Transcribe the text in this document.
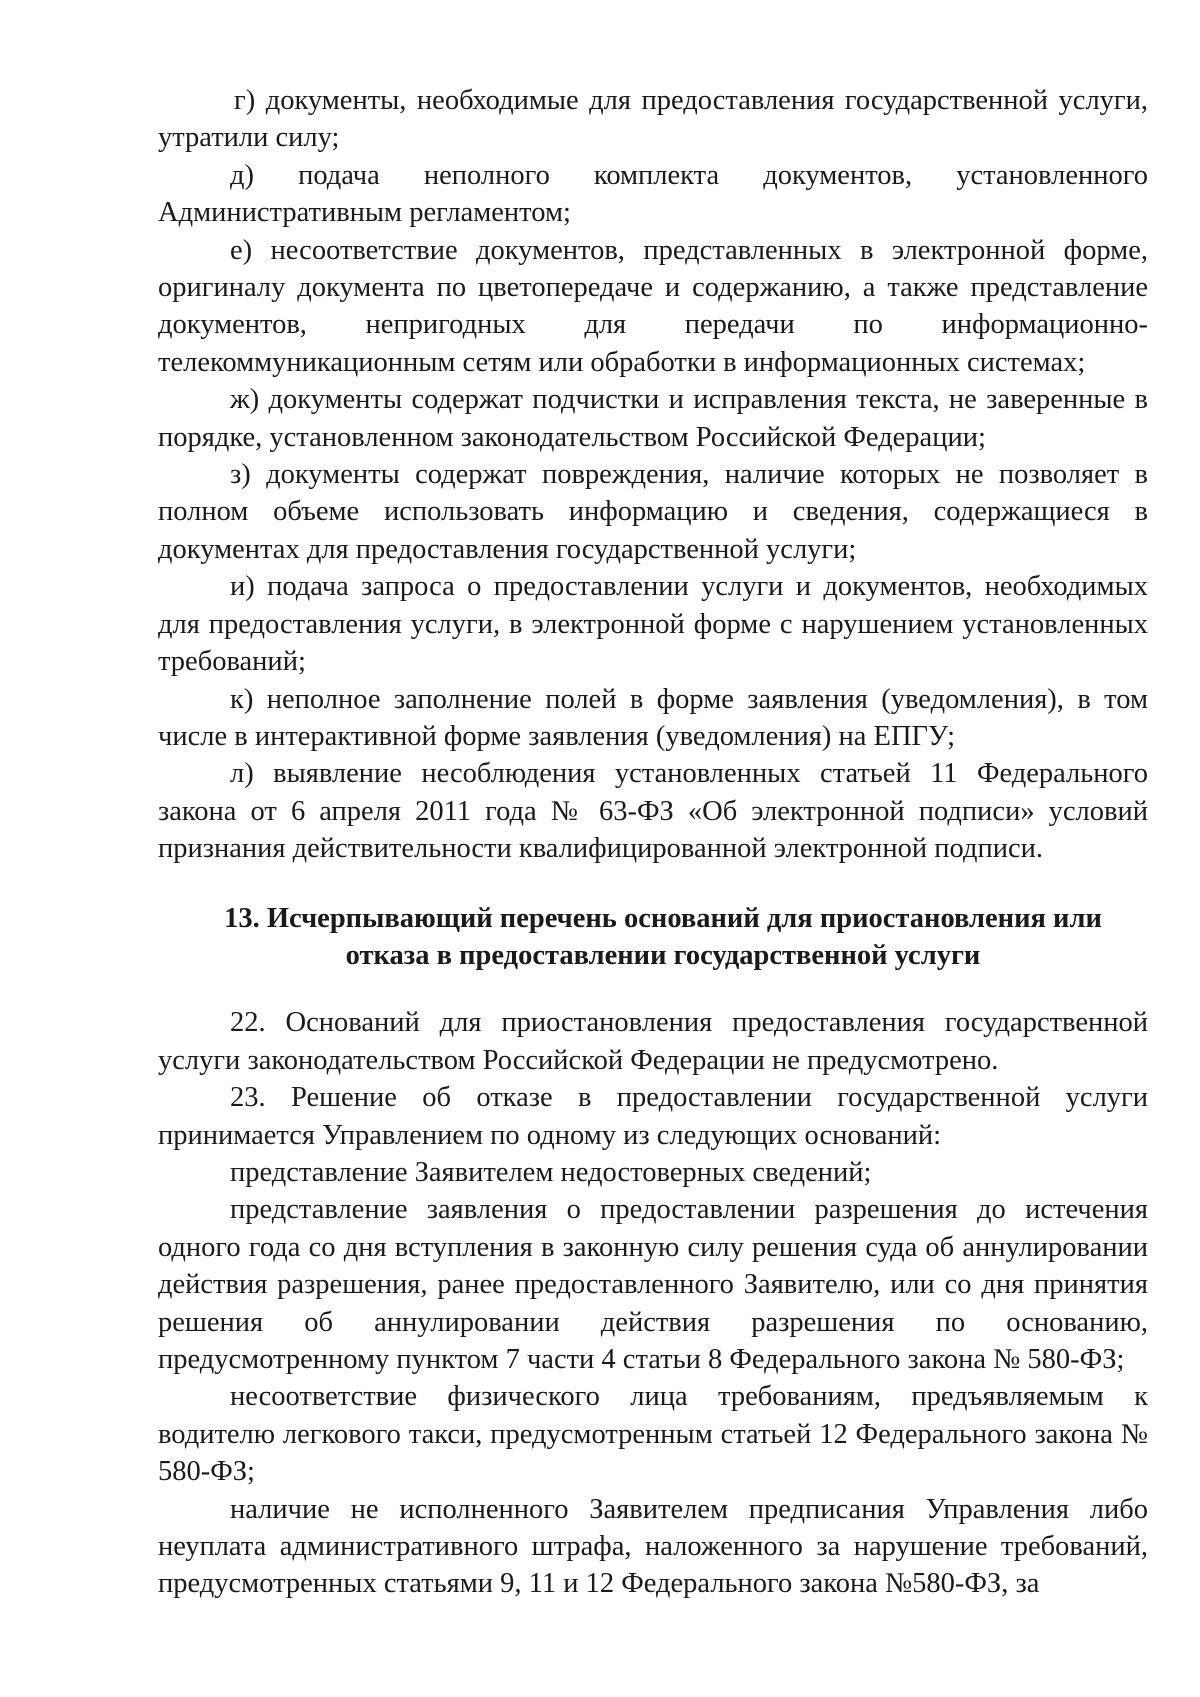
г) документы, необходимые для предоставления государственной услуги, утратили силу;

д) подача неполного комплекта документов, установленного Административным регламентом;

е) несоответствие документов, представленных в электронной форме, оригиналу документа по цветопередаче и содержанию, а также представление документов, непригодных для передачи по информационно-телекоммуникационным сетям или обработки в информационных системах;

ж) документы содержат подчистки и исправления текста, не заверенные в порядке, установленном законодательством Российской Федерации;

з) документы содержат повреждения, наличие которых не позволяет в полном объеме использовать информацию и сведения, содержащиеся в документах для предоставления государственной услуги;

и) подача запроса о предоставлении услуги и документов, необходимых для предоставления услуги, в электронной форме с нарушением установленных требований;

к) неполное заполнение полей в форме заявления (уведомления), в том числе в интерактивной форме заявления (уведомления) на ЕПГУ;

л) выявление несоблюдения установленных статьей 11 Федерального закона от 6 апреля 2011 года № 63-ФЗ «Об электронной подписи» условий признания действительности квалифицированной электронной подписи.

13. Исчерпывающий перечень оснований для приостановления или
отказа в предоставлении государственной услуги

22. Оснований для приостановления предоставления государственной услуги законодательством Российской Федерации не предусмотрено.

23. Решение об отказе в предоставлении государственной услуги принимается Управлением по одному из следующих оснований:

представление Заявителем недостоверных сведений;

представление заявления о предоставлении разрешения до истечения одного года со дня вступления в законную силу решения суда об аннулировании действия разрешения, ранее предоставленного Заявителю, или со дня принятия решения об аннулировании действия разрешения по основанию, предусмотренному пунктом 7 части 4 статьи 8 Федерального закона № 580-ФЗ;

несоответствие физического лица требованиям, предъявляемым к водителю легкового такси, предусмотренным статьей 12 Федерального закона № 580-ФЗ;

наличие не исполненного Заявителем предписания Управления либо неуплата административного штрафа, наложенного за нарушение требований, предусмотренных статьями 9, 11 и 12 Федерального закона №580-ФЗ, за
